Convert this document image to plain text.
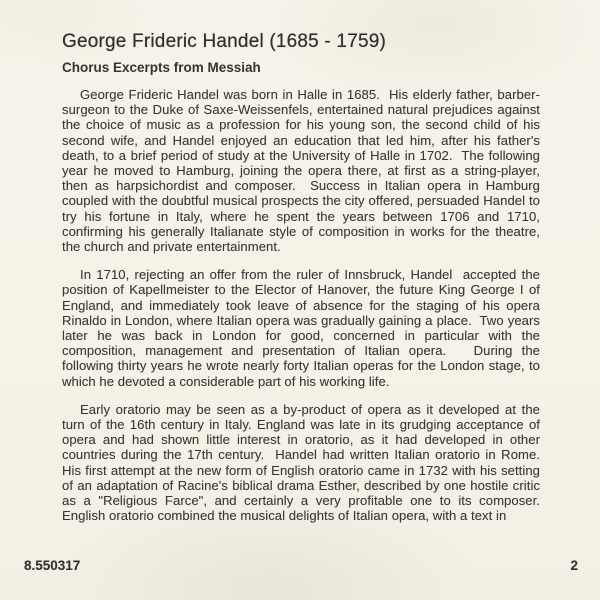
George Frideric Handel (1685 - 1759)
Chorus Excerpts from Messiah

George Frideric Handel was born in Halle in 1685.  His elderly father, barber-surgeon to the Duke of Saxe-Weissenfels, entertained natural prejudices against the choice of music as a profession for his young son, the second child of his second wife, and Handel enjoyed an education that led him, after his father's death, to a brief period of study at the University of Halle in 1702.  The following year he moved to Hamburg, joining the opera there, at first as a string-player, then as harpsichordist and composer.  Success in Italian opera in Hamburg  coupled with the doubtful musical prospects the city offered, persuaded Handel to try his fortune in Italy, where he spent the years between 1706 and 1710, confirming his generally Italianate style of composition in works for the theatre, the church and private entertainment.

In 1710, rejecting an offer from the ruler of Innsbruck, Handel  accepted the position of Kapellmeister to the Elector of Hanover, the future King George I of England, and immediately took leave of absence for the staging of his opera Rinaldo in London, where Italian opera was gradually gaining a place.  Two years later he was back in London for good, concerned in particular with the composition, management and presentation of Italian opera.   During the following thirty years he wrote nearly forty Italian operas for the London stage, to which he devoted a considerable part of his working life.

Early oratorio may be seen as a by-product of opera as it developed at the turn of the 16th century in Italy. England was late in its grudging acceptance of opera and had shown little interest in oratorio, as it had developed in other countries during the 17th century.  Handel had written Italian oratorio in Rome. His first attempt at the new form of English oratorio came in 1732 with his setting of an adaptation of Racine's biblical drama Esther, described by one hostile critic as a "Religious Farce", and certainly a very profitable one to its composer. English oratorio combined the musical delights of Italian opera, with a text in

8.550317	2
